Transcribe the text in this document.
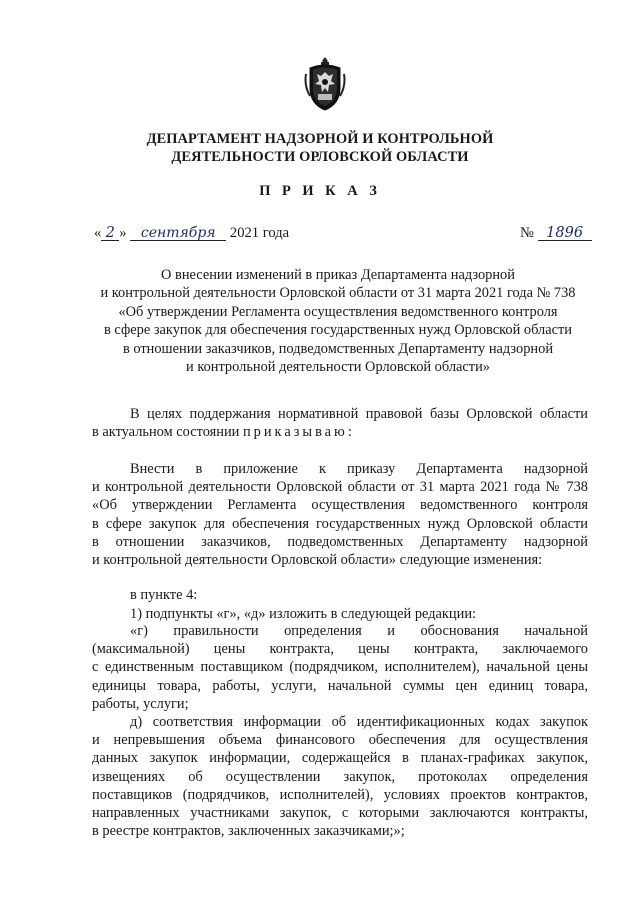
ДЕПАРТАМЕНТ НАДЗОРНОЙ И КОНТРОЛЬНОЙ
ДЕЯТЕЛЬНОСТИ ОРЛОВСКОЙ ОБЛАСТИ
П Р И К А З
« 2 » сентября 2021 года	№ 1896
О внесении изменений в приказ Департамента надзорной
и контрольной деятельности Орловской области от 31 марта 2021 года № 738
«Об утверждении Регламента осуществления ведомственного контроля
в сфере закупок для обеспечения государственных нужд Орловской области
в отношении заказчиков, подведомственных Департаменту надзорной
и контрольной деятельности Орловской области»
В целях поддержания нормативной правовой базы Орловской области
в актуальном состоянии приказываю:
Внести в приложение к приказу Департамента надзорной
и контрольной деятельности Орловской области от 31 марта 2021 года № 738
«Об утверждении Регламента осуществления ведомственного контроля
в сфере закупок для обеспечения государственных нужд Орловской области
в отношении заказчиков, подведомственных Департаменту надзорной
и контрольной деятельности Орловской области» следующие изменения:
в пункте 4:
1) подпункты «г», «д» изложить в следующей редакции:
«г) правильности определения и обоснования начальной
(максимальной) цены контракта, цены контракта, заключаемого
с единственным поставщиком (подрядчиком, исполнителем), начальной цены
единицы товара, работы, услуги, начальной суммы цен единиц товара,
работы, услуги;
д) соответствия информации об идентификационных кодах закупок
и непревышения объема финансового обеспечения для осуществления
данных закупок информации, содержащейся в планах-графиках закупок,
извещениях об осуществлении закупок, протоколах определения
поставщиков (подрядчиков, исполнителей), условиях проектов контрактов,
направленных участниками закупок, с которыми заключаются контракты,
в реестре контрактов, заключенных заказчиками;»;
